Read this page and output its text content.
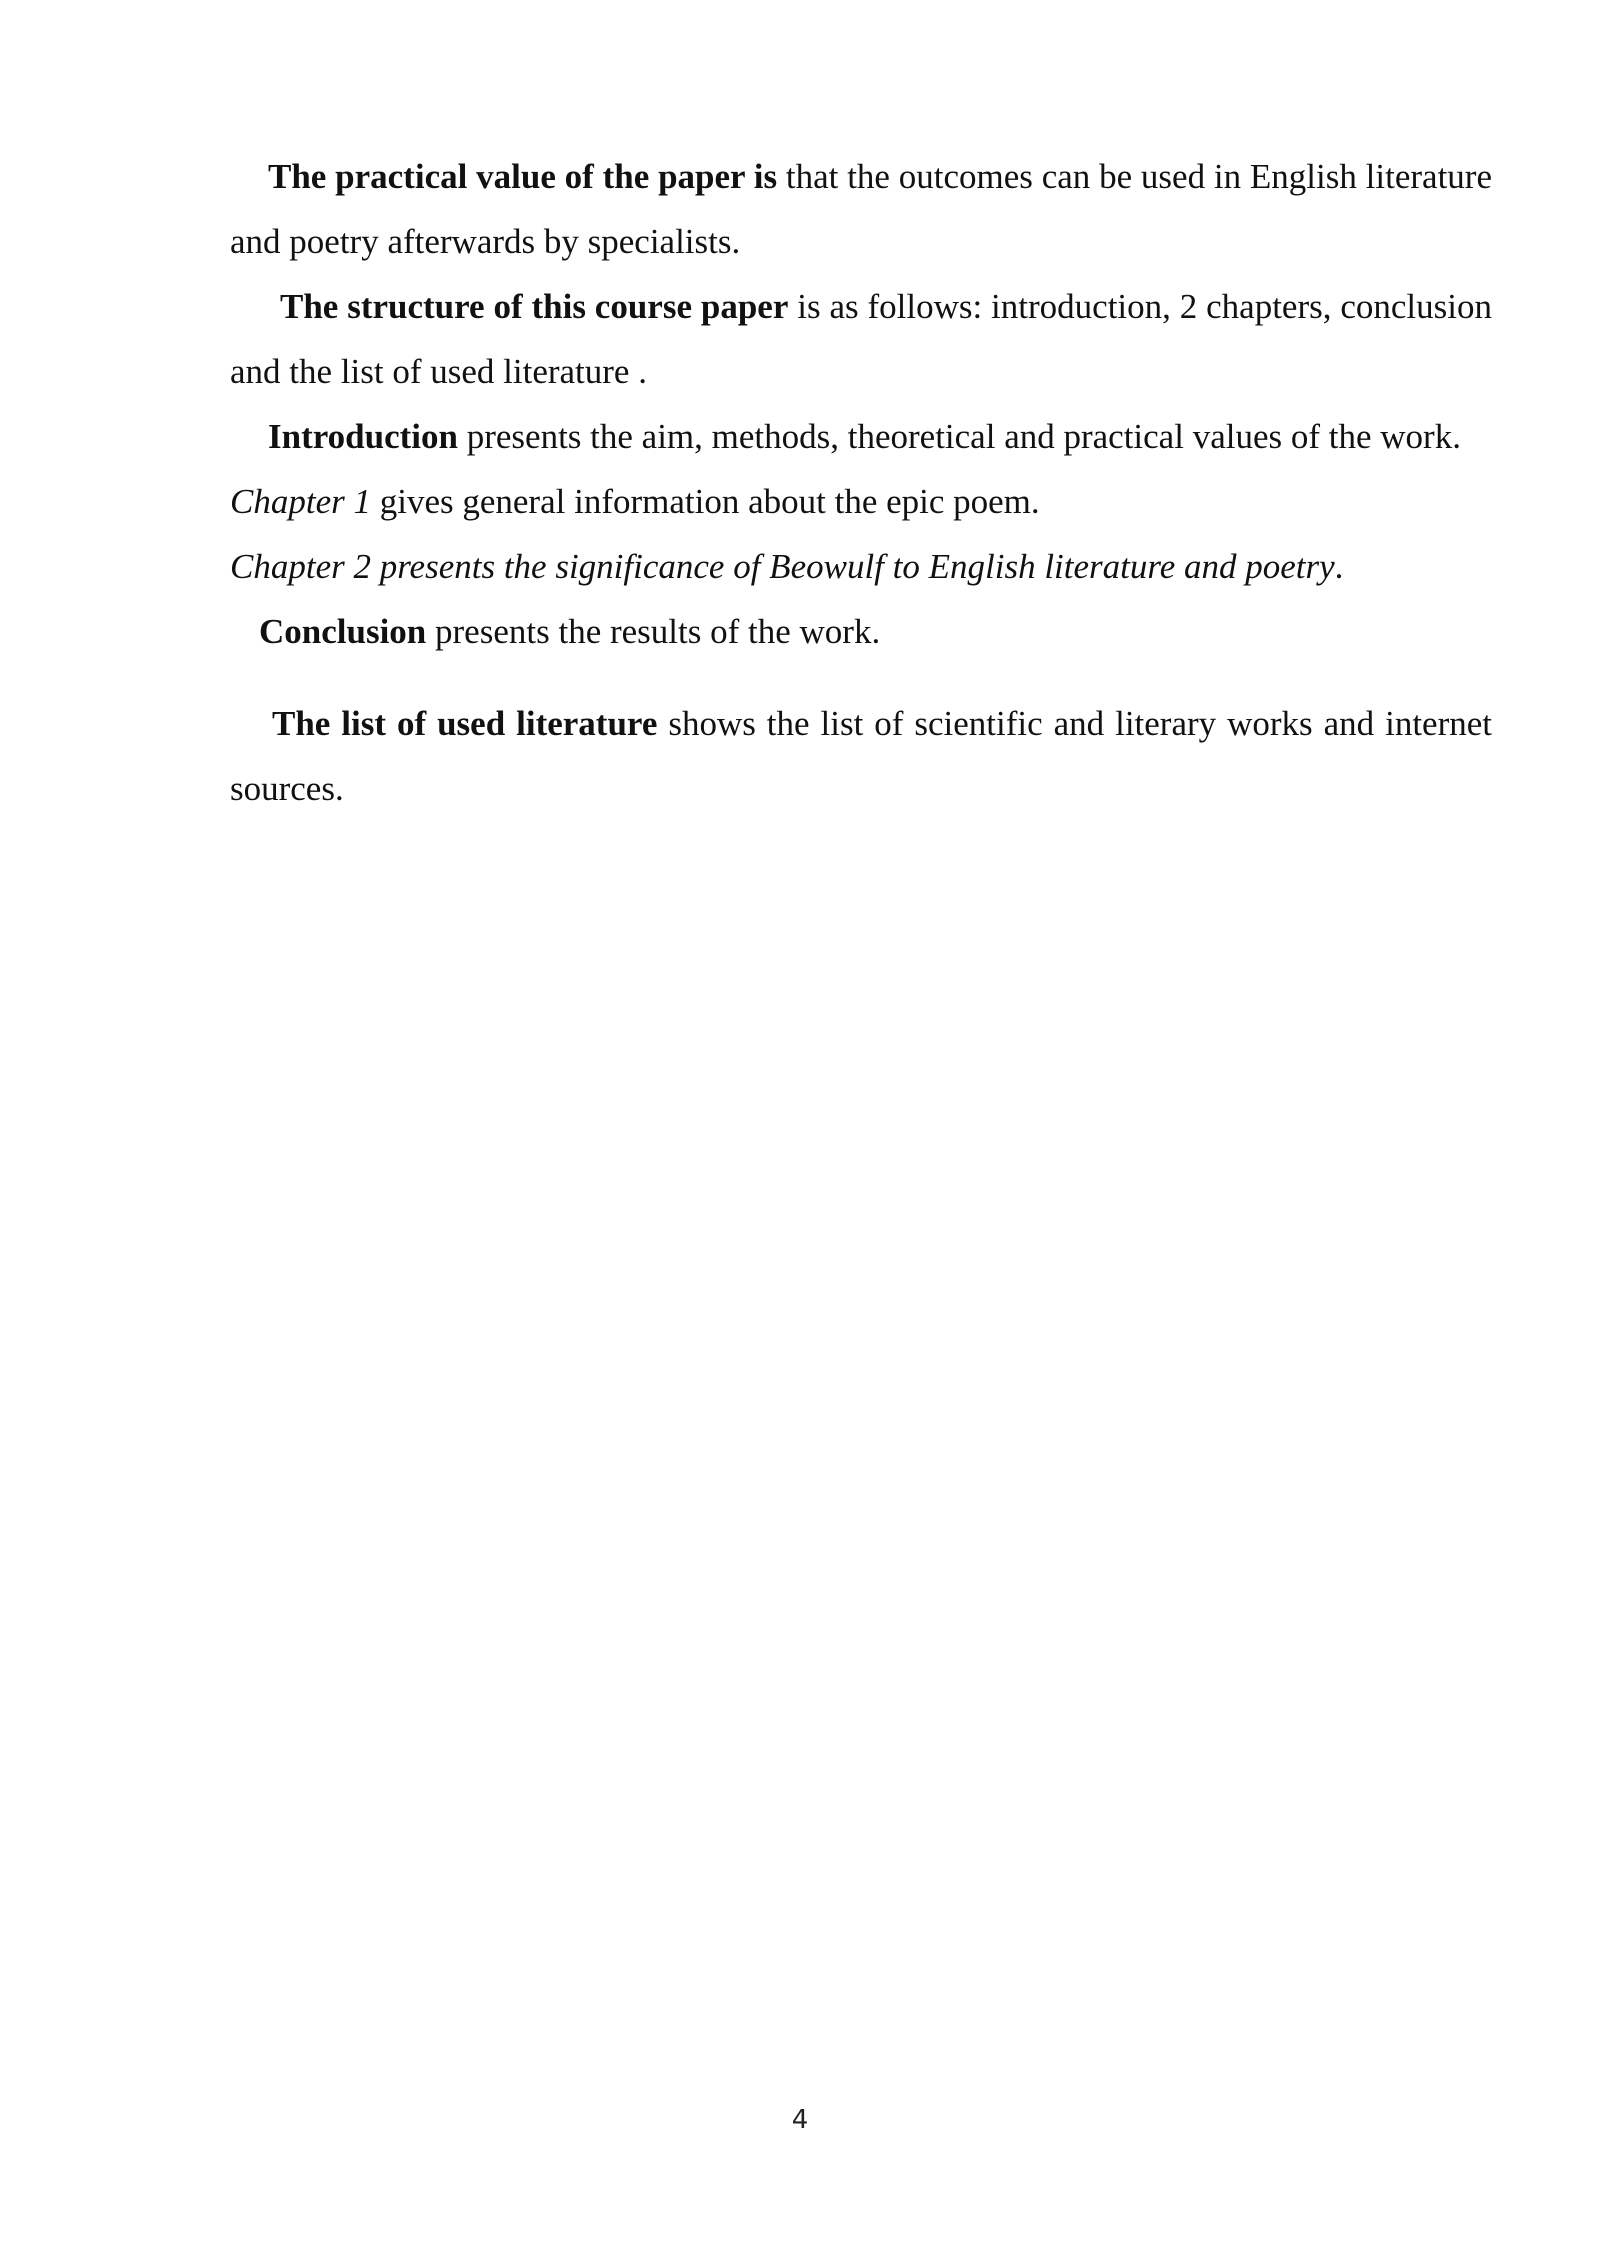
The practical value of the paper is that the outcomes can be used in English literature and poetry afterwards by specialists.

The structure of this course paper is as follows: introduction, 2 chapters, conclusion and the list of used literature .

Introduction presents the aim, methods, theoretical and practical values of the work.

Chapter 1 gives general information about the epic poem.

Chapter 2 presents the significance of Beowulf to English literature and poetry.

Conclusion presents the results of the work.

The list of used literature shows the list of scientific and literary works and internet sources.

4
